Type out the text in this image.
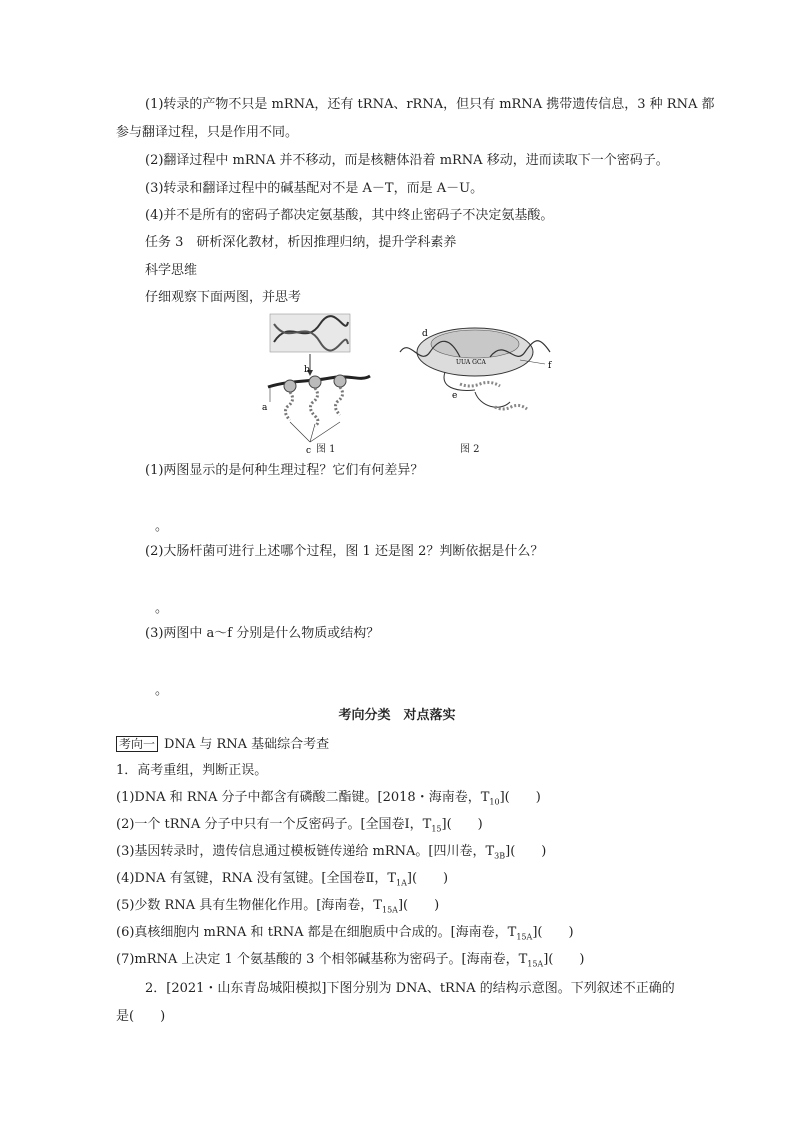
(1)转录的产物不只是 mRNA，还有 tRNA、rRNA，但只有 mRNA 携带遗传信息，3 种 RNA 都
参与翻译过程，只是作用不同。
(2)翻译过程中 mRNA 并不移动，而是核糖体沿着 mRNA 移动，进而读取下一个密码子。
(3)转录和翻译过程中的碱基配对不是 A－T，而是 A－U。
(4)并不是所有的密码子都决定氨基酸，其中终止密码子不决定氨基酸。
任务 3　研析深化教材，析因推理归纳，提升学科素养
科学思维
仔细观察下面两图，并思考
a
b
c
UUA GCA
d
e
f
图 1	图 2
(1)两图显示的是何种生理过程？它们有何差异？
。
(2)大肠杆菌可进行上述哪个过程，图 1 还是图 2？判断依据是什么？
。
(3)两图中 a～f 分别是什么物质或结构？
。
考向分类　对点落实
考向一 DNA 与 RNA 基础综合考查
1．高考重组，判断正误。
(1)DNA 和 RNA 分子中都含有磷酸二酯键。[2018・海南卷，$T_{10}$](　　)
(2)一个 tRNA 分子中只有一个反密码子。[全国卷Ⅰ，$T_{15}$](　　)
(3)基因转录时，遗传信息通过模板链传递给 mRNA。[四川卷，$T_{3B}$](　　)
(4)DNA 有氢键，RNA 没有氢键。[全国卷Ⅱ，$T_{1A}$](　　)
(5)少数 RNA 具有生物催化作用。[海南卷，$T_{15A}$](　　)
(6)真核细胞内 mRNA 和 tRNA 都是在细胞质中合成的。[海南卷，$T_{15A}$](　　)
(7)mRNA 上决定 1 个氨基酸的 3 个相邻碱基称为密码子。[海南卷，$T_{15A}$](　　)
2．[2021・山东青岛城阳模拟]下图分别为 DNA、tRNA 的结构示意图。下列叙述不正确的
是(　　)
